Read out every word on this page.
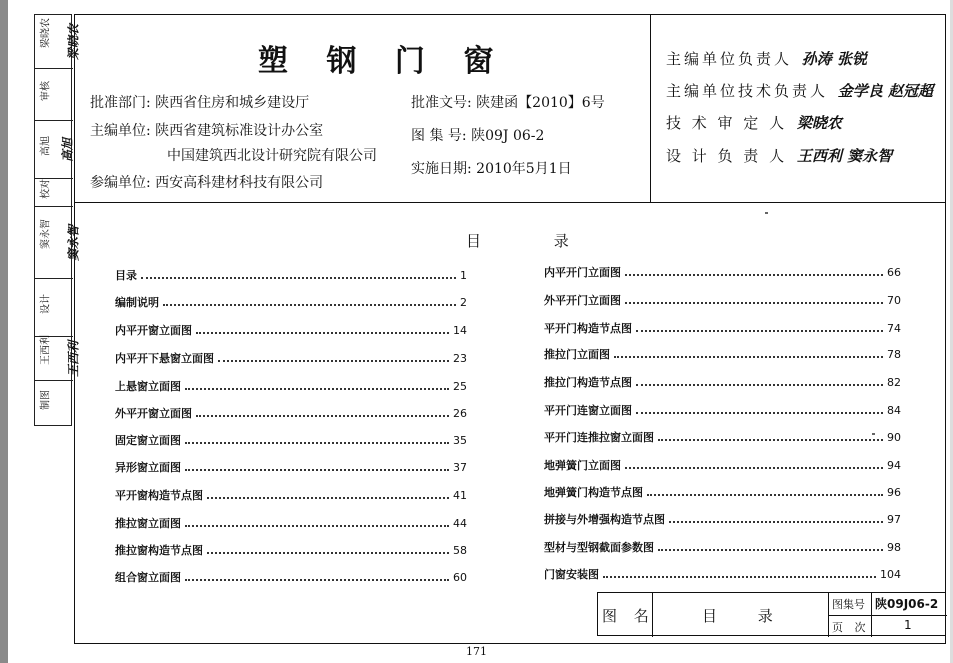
梁晓农 梁晓农
审核
高旭 高旭
校对
窦永智 窦永智
设计
王西利 王西利
制图
塑 钢 门 窗
批准部门: 陕西省住房和城乡建设厅
主编单位: 陕西省建筑标准设计办公室
中国建筑西北设计研究院有限公司
参编单位: 西安高科建材科技有限公司
批准文号: 陕建函【2010】6号
图 集 号: 陕09J 06-2
实施日期: 2010年5月1日
主编单位负责人 孙涛 张锐
主编单位技术负责人 金学良 赵冠超
技 术 审 定 人 梁晓农
设 计 负 责 人 王西利 窦永智
目 录
目录	1
编制说明	2
内平开窗立面图	14
内平开下悬窗立面图	23
上悬窗立面图	25
外平开窗立面图	26
固定窗立面图	35
异形窗立面图	37
平开窗构造节点图	41
推拉窗立面图	44
推拉窗构造节点图	58
组合窗立面图	60
内平开门立面图	66
外平开门立面图	70
平开门构造节点图	74
推拉门立面图	78
推拉门构造节点图	82
平开门连窗立面图	84
平开门连推拉窗立面图	90
地弹簧门立面图	94
地弹簧门构造节点图	96
拼接与外增强构造节点图	97
型材与型钢截面参数图	98
门窗安装图	104
图 名	目 录
图集号 陕09J06-2
页 次	1
171
